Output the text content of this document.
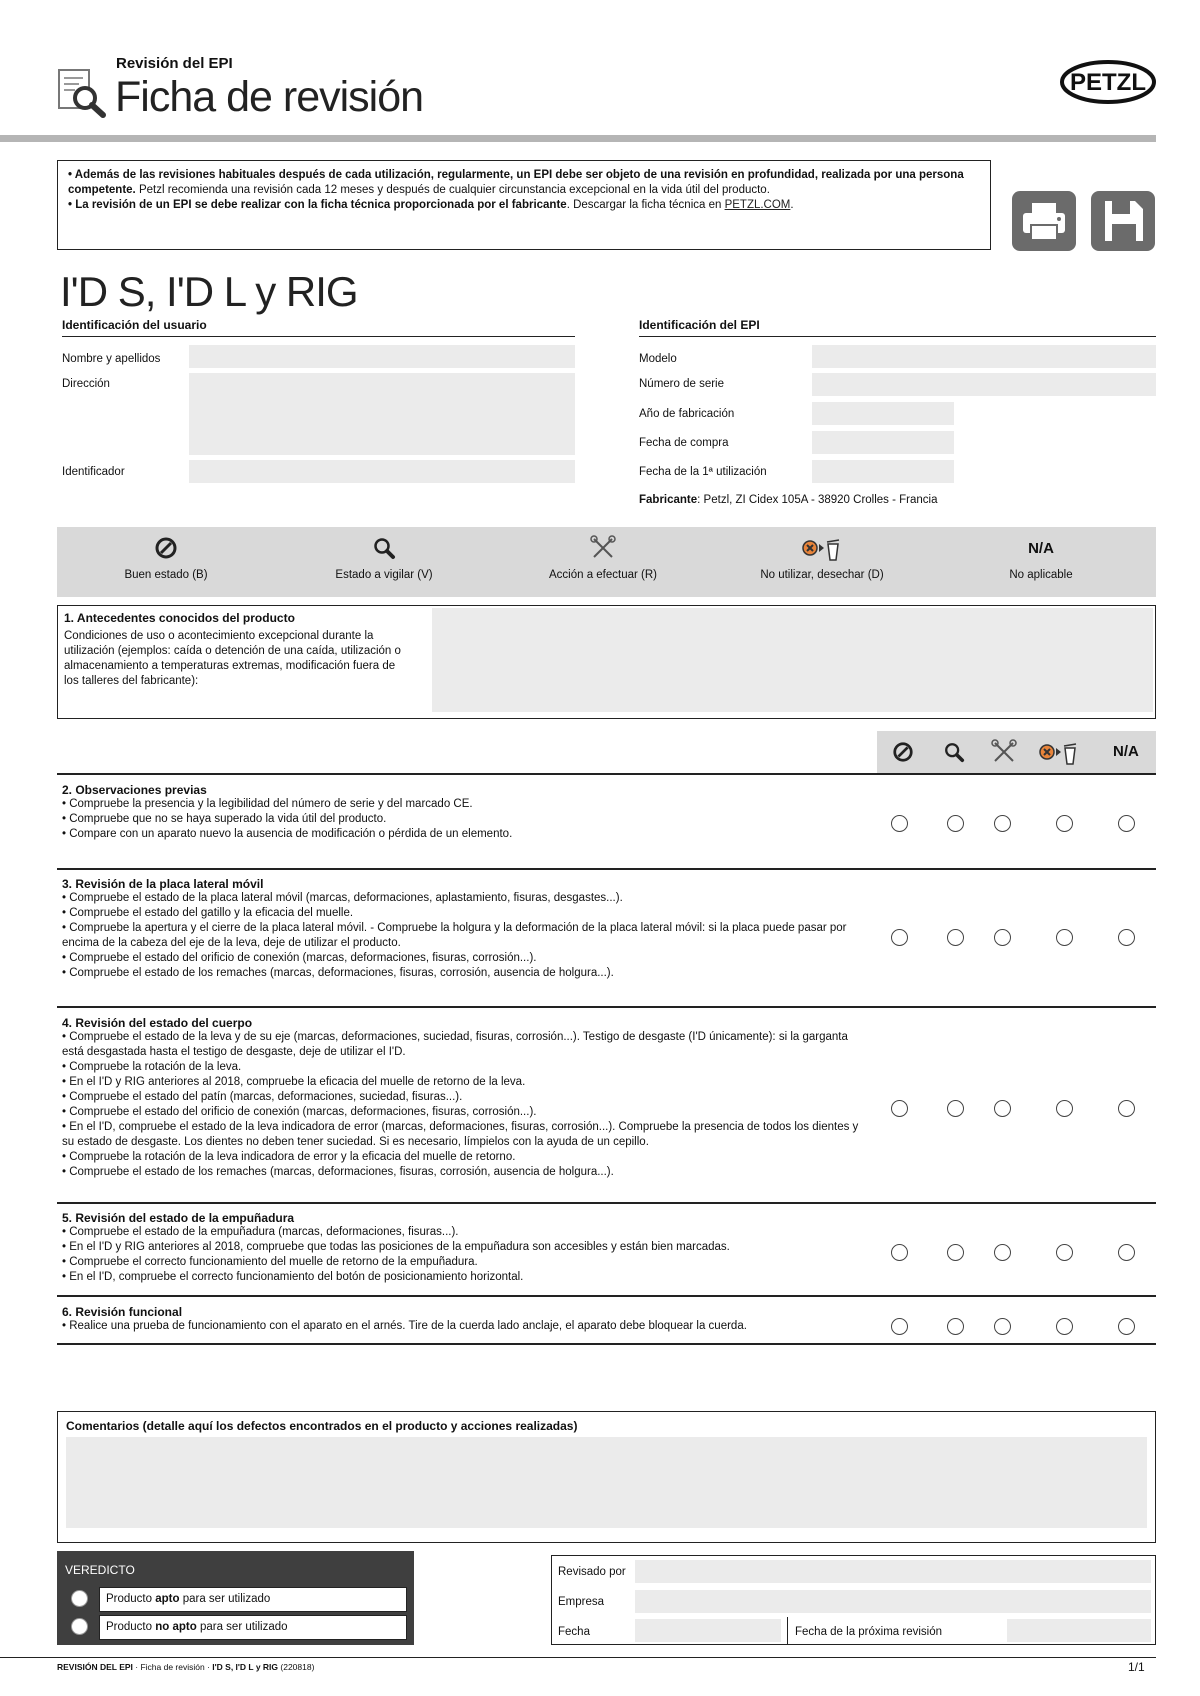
Revisión del EPI
Ficha de revisión	PETZL

• Además de las revisiones habituales después de cada utilización, regularmente, un EPI debe ser objeto de una revisión en profundidad, realizada por una persona competente. Petzl recomienda una revisión cada 12 meses y después de cualquier circunstancia excepcional en la vida útil del producto.

• La revisión de un EPI se debe realizar con la ficha técnica proporcionada por el fabricante. Descargar la ficha técnica en PETZL.COM.

I'D S, I'D L y RIG
Identificación del usuario
Nombre y apellidos
Dirección
Identificador
Identificación del EPI
Modelo
Número de serie
Año de fabricación
Fecha de compra
Fecha de la 1ª utilización
Fabricante: Petzl, ZI Cidex 105A - 38920 Crolles - Francia
Buen estado (B)	Estado a vigilar (V)	Acción a efectuar (R)	No utilizar, desechar (D)
N/A
No aplicable
1. Antecedentes conocidos del producto
Condiciones de uso o acontecimiento excepcional durante la utilización (ejemplos: caída o detención de una caída, utilización o almacenamiento a temperaturas extremas, modificación fuera de los talleres del fabricante):
N/A
2. Observaciones previas
• Compruebe la presencia y la legibilidad del número de serie y del marcado CE.
• Compruebe que no se haya superado la vida útil del producto.
• Compare con un aparato nuevo la ausencia de modificación o pérdida de un elemento.
3. Revisión de la placa lateral móvil
• Compruebe el estado de la placa lateral móvil (marcas, deformaciones, aplastamiento, fisuras, desgastes...).
• Compruebe el estado del gatillo y la eficacia del muelle.
• Compruebe la apertura y el cierre de la placa lateral móvil. - Compruebe la holgura y la deformación de la placa lateral móvil: si la placa puede pasar por encima de la cabeza del eje de la leva, deje de utilizar el producto.
• Compruebe el estado del orificio de conexión (marcas, deformaciones, fisuras, corrosión...).
• Compruebe el estado de los remaches (marcas, deformaciones, fisuras, corrosión, ausencia de holgura...).
4. Revisión del estado del cuerpo
• Compruebe el estado de la leva y de su eje (marcas, deformaciones, suciedad, fisuras, corrosión...). Testigo de desgaste (I'D únicamente): si la garganta está desgastada hasta el testigo de desgaste, deje de utilizar el I'D.
• Compruebe la rotación de la leva.
• En el I'D y RIG anteriores al 2018, compruebe la eficacia del muelle de retorno de la leva.
• Compruebe el estado del patín (marcas, deformaciones, suciedad, fisuras...).
• Compruebe el estado del orificio de conexión (marcas, deformaciones, fisuras, corrosión...).
• En el I'D, compruebe el estado de la leva indicadora de error (marcas, deformaciones, fisuras, corrosión...). Compruebe la presencia de todos los dientes y su estado de desgaste. Los dientes no deben tener suciedad. Si es necesario, límpielos con la ayuda de un cepillo.
• Compruebe la rotación de la leva indicadora de error y la eficacia del muelle de retorno.
• Compruebe el estado de los remaches (marcas, deformaciones, fisuras, corrosión, ausencia de holgura...).
5. Revisión del estado de la empuñadura
• Compruebe el estado de la empuñadura (marcas, deformaciones, fisuras...).
• En el I'D y RIG anteriores al 2018, compruebe que todas las posiciones de la empuñadura son accesibles y están bien marcadas.
• Compruebe el correcto funcionamiento del muelle de retorno de la empuñadura.
• En el I'D, compruebe el correcto funcionamiento del botón de posicionamiento horizontal.
6. Revisión funcional
• Realice una prueba de funcionamiento con el aparato en el arnés. Tire de la cuerda lado anclaje, el aparato debe bloquear la cuerda.
Comentarios (detalle aquí los defectos encontrados en el producto y acciones realizadas)
VEREDICTO
Producto apto para ser utilizado
Producto no apto para ser utilizado
Revisado por
Empresa
Fecha	Fecha de la próxima revisión
REVISIÓN DEL EPI · Ficha de revisión · I'D S, I'D L y RIG (220818)	1/1
